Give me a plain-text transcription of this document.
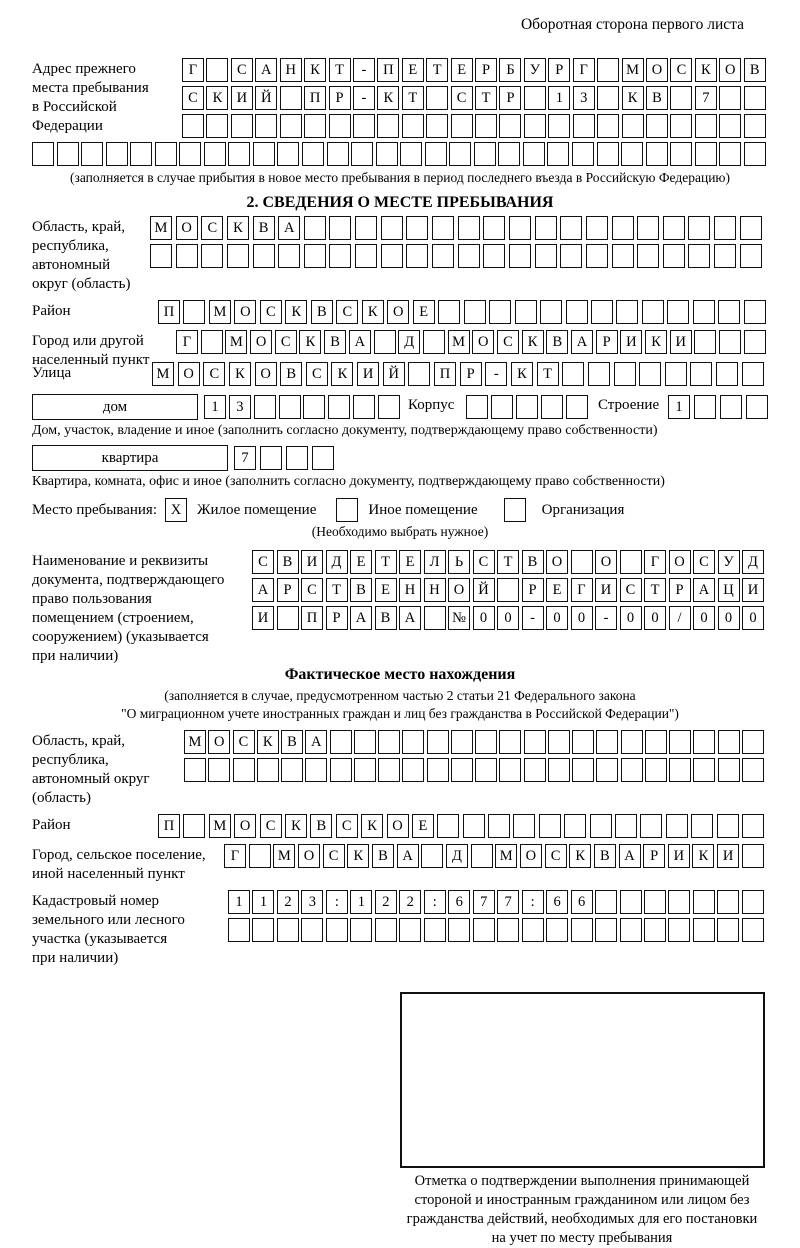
Оборотная сторона первого листа
Адрес прежнего
места пребывания
в Российской
Федерации
Г	С А Н К	Т	-	П	Е	Т	Е	Р	Б	У	Р	Г	М О С	К О В
С	К И Й	П	Р	-	К	Т	С	Т	Р	1	3	К	В	7
(заполняется в случае прибытия в новое место пребывания в период последнего въезда в Российскую Федерацию)
2. СВЕДЕНИЯ О МЕСТЕ ПРЕБЫВАНИЯ
Область, край,
республика,
автономный
округ (область)
М О	С	К	В	А
Район	П	М О	С	К	В	С	К	О	Е
Город или другой
населенный пункт
Г	М О	С	К	В	А	Д	М О	С	К	В	А	Р	И	К	И
Улица	М О	С	К	О	В	С	К	И	Й	П	Р	-	К	Т
дом	1	3	Корпус	Строение	1
Дом, участок, владение и иное (заполнить согласно документу, подтверждающему право собственности)
квартира	7
Квартира, комната, офис и иное (заполнить согласно документу, подтверждающему право собственности)
Место пребывания: X	Жилое помещение	Иное помещение	Организация
(Необходимо выбрать нужное)
Наименование и реквизиты
документа, подтверждающего
право пользования
помещением (строением,
сооружением) (указывается
при наличии)
С	В И Д	Е	Т	Е	Л	Ь	С	Т	В О	О	Г	О С	У Д
А	Р	С	Т	В	Е	Н Н О Й	Р	Е	Г	И С	Т	Р	А Ц И
И	П	Р	А В А	№ 0	0	-	0	0	-	0	0	/	0	0	0
Фактическое место нахождения
(заполняется в случае, предусмотренном частью 2 статьи 21 Федерального закона
"О миграционном учете иностранных граждан и лиц без гражданства в Российской Федерации")
Область, край,
республика,
автономный округ
(область)
М О С	К	В А
Район	П	М О	С	К	В	С	К	О	Е
Город, сельское поселение,
иной населенный пункт
Г	М О	С	К	В	А	Д	М О	С	К	В	А	Р	И	К	И
Кадастровый номер
земельного или лесного
участка (указывается
при наличии)
1	1	2	3	:	1	2	2	:	6	7	7	:	6	6
Отметка о подтверждении выполнения принимающей
стороной и иностранным гражданином или лицом без
гражданства действий, необходимых для его постановки
на учет по месту пребывания
